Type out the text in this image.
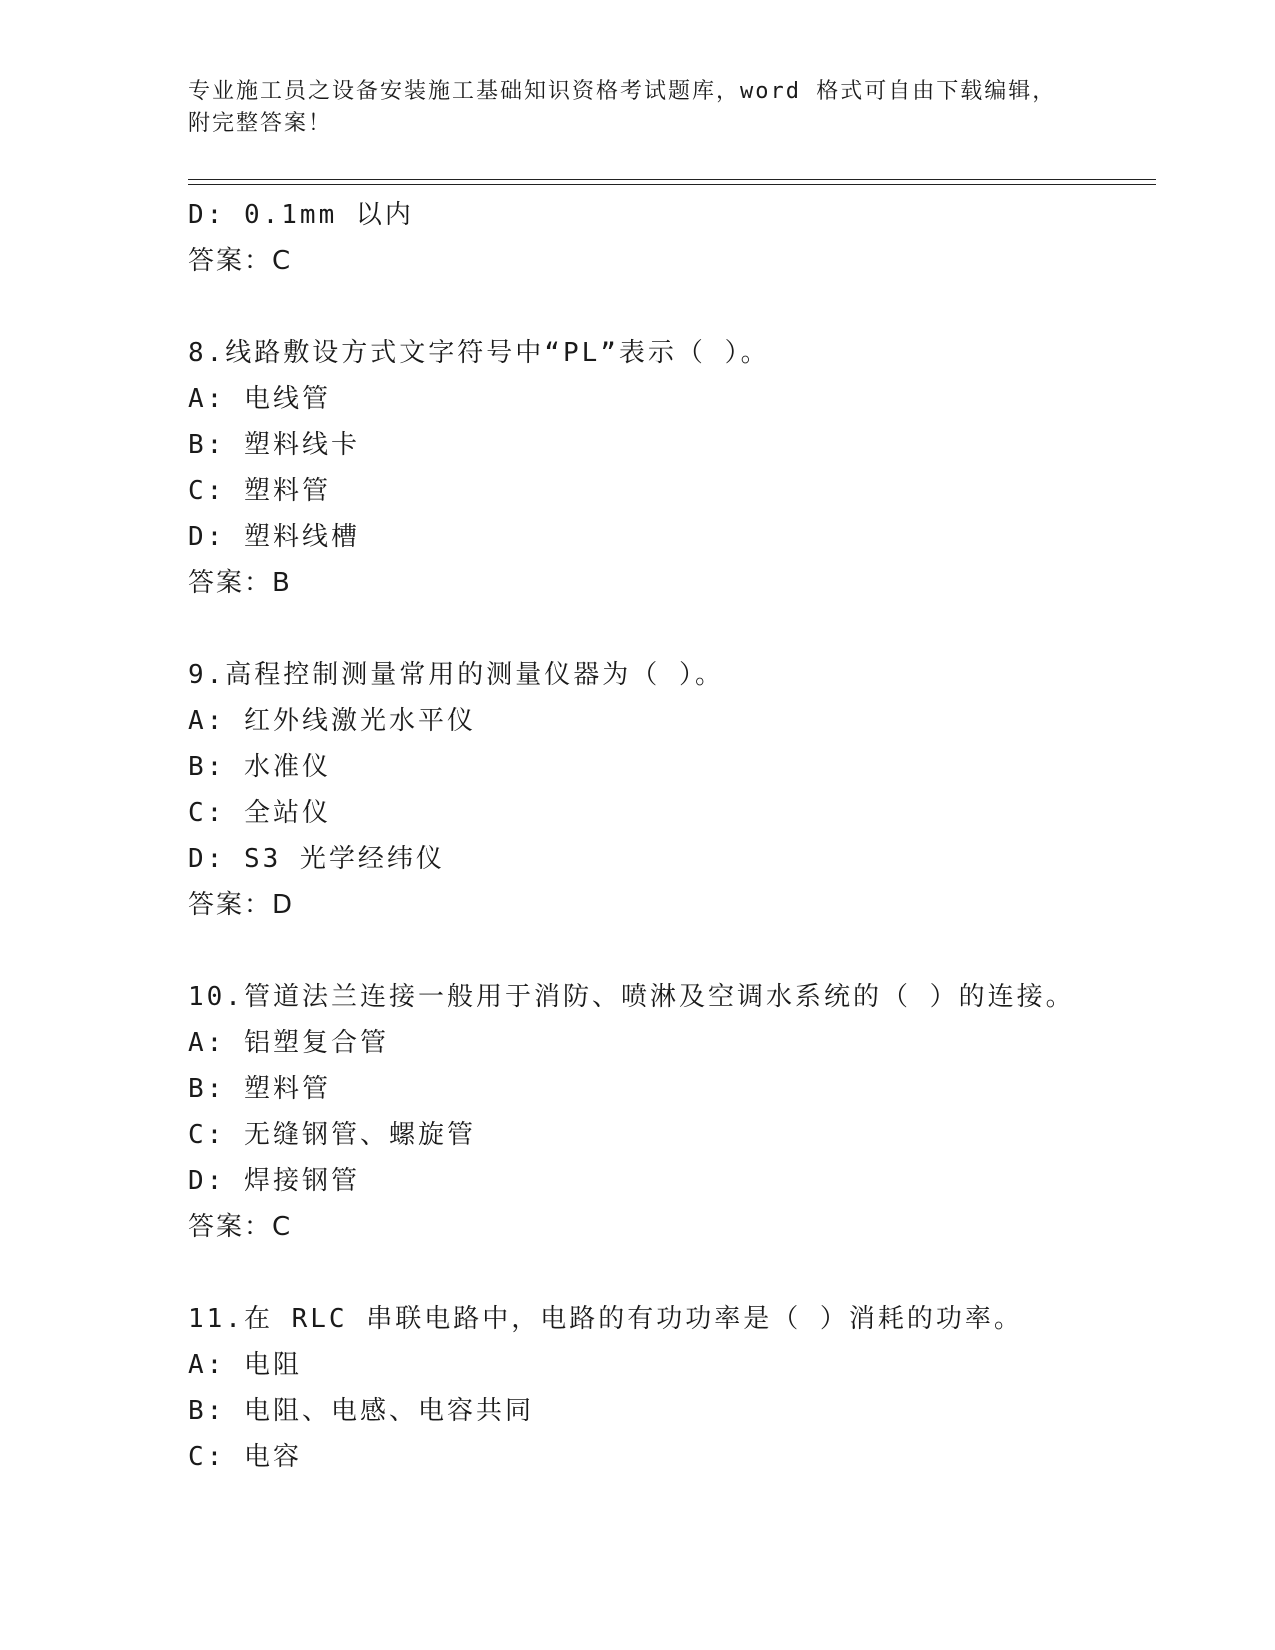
专业施工员之设备安装施工基础知识资格考试题库，word 格式可自由下载编辑，
附完整答案！
D: 0.1mm 以内
答案：C
8.线路敷设方式文字符号中“PL”表示（ ）。
A: 电线管
B: 塑料线卡
C: 塑料管
D: 塑料线槽
答案：B
9.高程控制测量常用的测量仪器为（ ）。
A: 红外线激光水平仪
B: 水准仪
C: 全站仪
D: S3 光学经纬仪
答案：D
10.管道法兰连接一般用于消防、喷淋及空调水系统的（ ）的连接。
A: 铝塑复合管
B: 塑料管
C: 无缝钢管、螺旋管
D: 焊接钢管
答案：C
11.在 RLC 串联电路中，电路的有功功率是（ ）消耗的功率。
A: 电阻
B: 电阻、电感、电容共同
C: 电容
